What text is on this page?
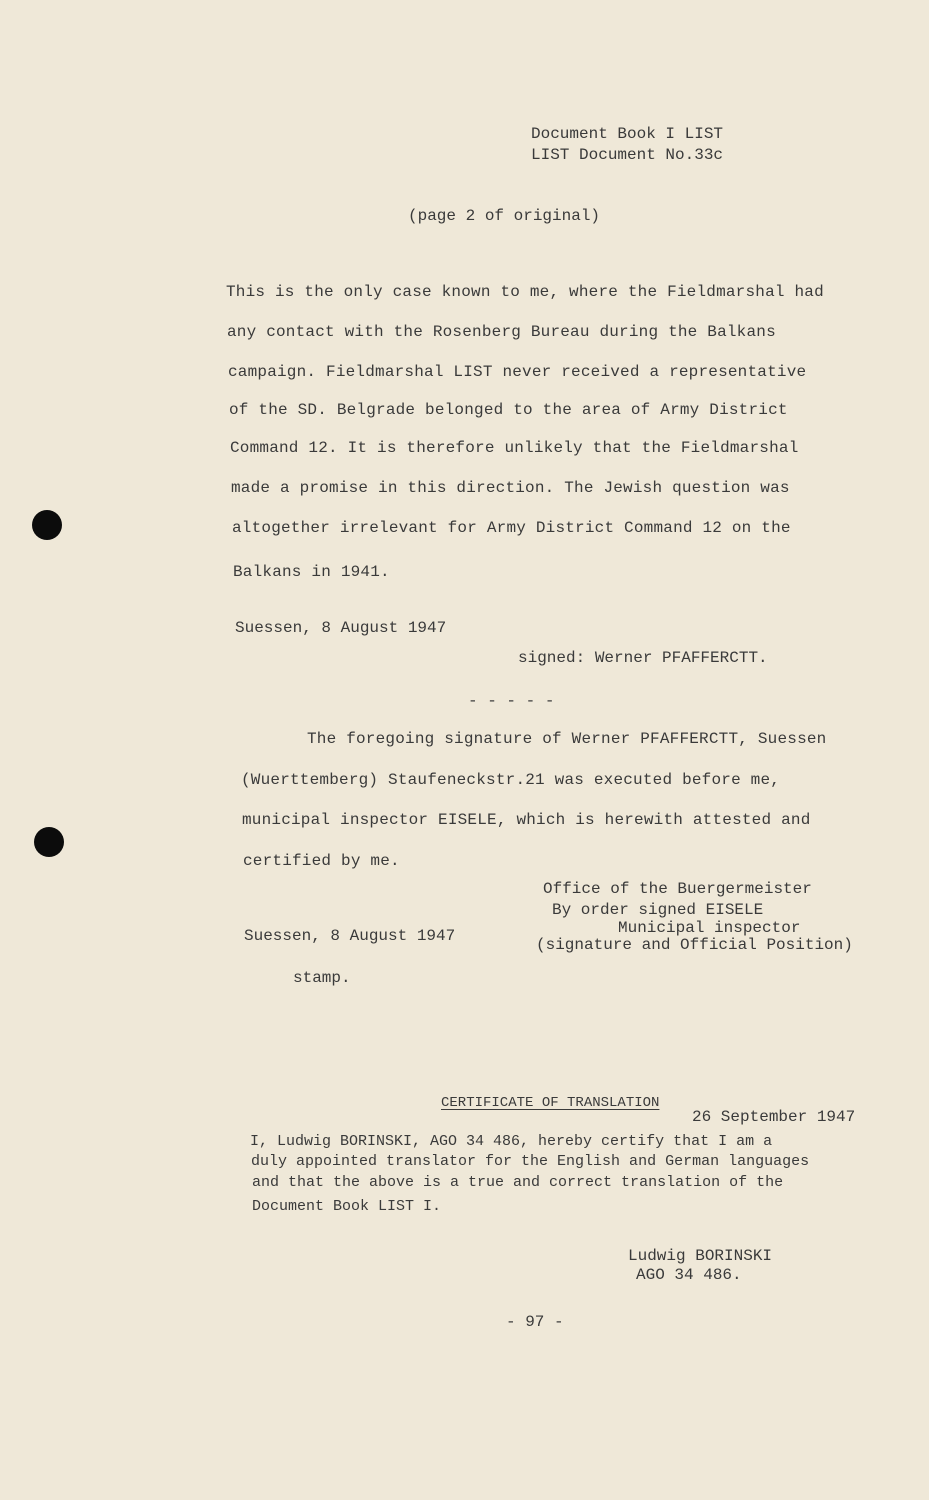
Document Book I LIST
LIST Document No.33c
(page 2 of original)
This is the only case known to me, where the Fieldmarshal had
any contact with the Rosenberg Bureau during the Balkans
campaign. Fieldmarshal LIST never received a representative
of the SD. Belgrade belonged to the area of Army District
Command 12. It is therefore unlikely that the Fieldmarshal
made a promise in this direction. The Jewish question was
altogether irrelevant for Army District Command 12 on the
Balkans in 1941.
Suessen, 8 August 1947
signed: Werner PFAFFERCTT.
- - - - -
The foregoing signature of Werner PFAFFERCTT, Suessen
(Wuerttemberg) Staufeneckstr.21 was executed before me,
municipal inspector EISELE, which is herewith attested and
certified by me.
Office of the Buergermeister
By order signed EISELE
Municipal inspector
(signature and Official Position)
Suessen, 8 August 1947
stamp.
CERTIFICATE OF TRANSLATION
26 September 1947
I, Ludwig BORINSKI, AGO 34 486, hereby certify that I am a
duly appointed translator for the English and German languages
and that the above is a true and correct translation of the
Document Book LIST I.
Ludwig BORINSKI
AGO 34 486.
- 97 -
